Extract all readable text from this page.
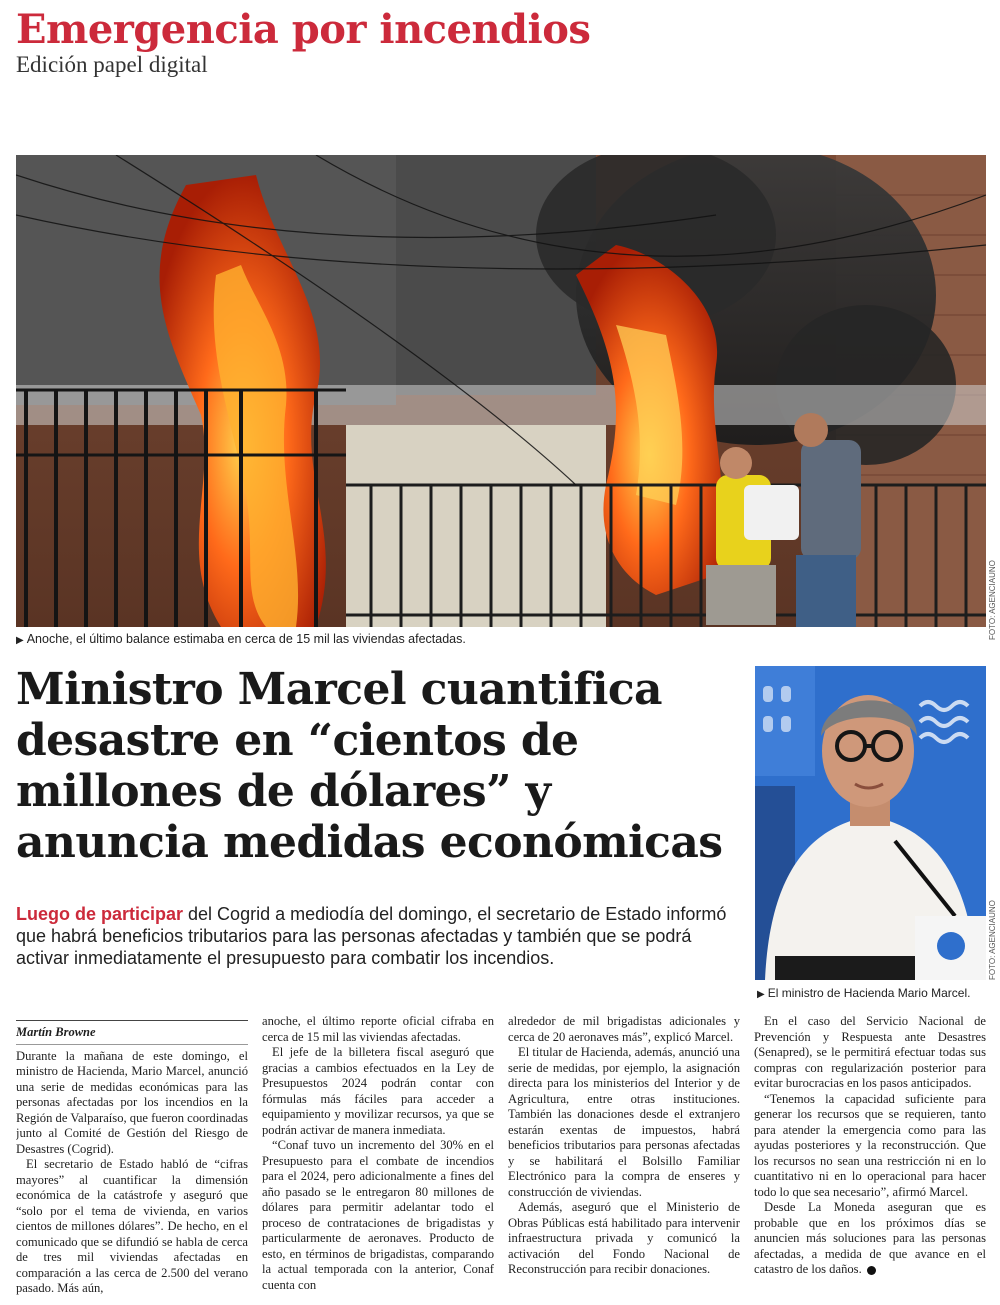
Emergencia por incendios
Edición papel digital
FOTO: AGENCIAUNO
▶ Anoche, el último balance estimaba en cerca de 15 mil las viviendas afectadas.
Ministro Marcel cuantifica desastre en “cientos de millones de dólares” y anuncia medidas económicas

Luego de participar del Cogrid a mediodía del domingo, el secretario de Estado informó que habrá beneficios tributarios para las personas afectadas y también que se podrá activar inmediatamente el presupuesto para combatir los incendios.	FOTO: AGENCIAUNO
▶ El ministro de Hacienda Mario Marcel.
Martín Browne

Durante la mañana de este domingo, el ministro de Hacienda, Mario Marcel, anunció una serie de medidas económicas para las personas afectadas por los incendios en la Región de Valparaíso, que fueron coordinadas junto al Comité de Gestión del Riesgo de Desastres (Cogrid).

El secretario de Estado habló de “cifras mayores” al cuantificar la dimensión económica de la catástrofe y aseguró que “solo por el tema de vivienda, en varios cientos de millones dólares”. De hecho, en el comunicado que se difundió se habla de cerca de tres mil viviendas afectadas en comparación a las cerca de 2.500 del verano pasado. Más aún,

anoche, el último reporte oficial cifraba en cerca de 15 mil las viviendas afectadas.

El jefe de la billetera fiscal aseguró que gracias a cambios efectuados en la Ley de Presupuestos 2024 podrán contar con fórmulas más fáciles para acceder a equipamiento y movilizar recursos, ya que se podrán activar de manera inmediata.

“Conaf tuvo un incremento del 30% en el Presupuesto para el combate de incendios para el 2024, pero adicionalmente a fines del año pasado se le entregaron 80 millones de dólares para permitir adelantar todo el proceso de contrataciones de brigadistas y particularmente de aeronaves. Producto de esto, en términos de brigadistas, comparando la actual temporada con la anterior, Conaf cuenta con

alrededor de mil brigadistas adicionales y cerca de 20 aeronaves más”, explicó Marcel.

El titular de Hacienda, además, anunció una serie de medidas, por ejemplo, la asignación directa para los ministerios del Interior y de Agricultura, entre otras instituciones. También las donaciones desde el extranjero estarán exentas de impuestos, habrá beneficios tributarios para personas afectadas y se habilitará el Bolsillo Familiar Electrónico para la compra de enseres y construcción de viviendas.

Además, aseguró que el Ministerio de Obras Públicas está habilitado para intervenir infraestructura privada y comunicó la activación del Fondo Nacional de Reconstrucción para recibir donaciones.

En el caso del Servicio Nacional de Prevención y Respuesta ante Desastres (Senapred), se le permitirá efectuar todas sus compras con regularización posterior para evitar burocracias en los pasos anticipados.

“Tenemos la capacidad suficiente para generar los recursos que se requieren, tanto para atender la emergencia como para las ayudas posteriores y la reconstrucción. Que los recursos no sean una restricción ni en lo cuantitativo ni en lo operacional para hacer todo lo que sea necesario”, afirmó Marcel.

Desde La Moneda aseguran que es probable que en los próximos días se anuncien más soluciones para las personas afectadas, a medida de que avance en el catastro de los daños.
